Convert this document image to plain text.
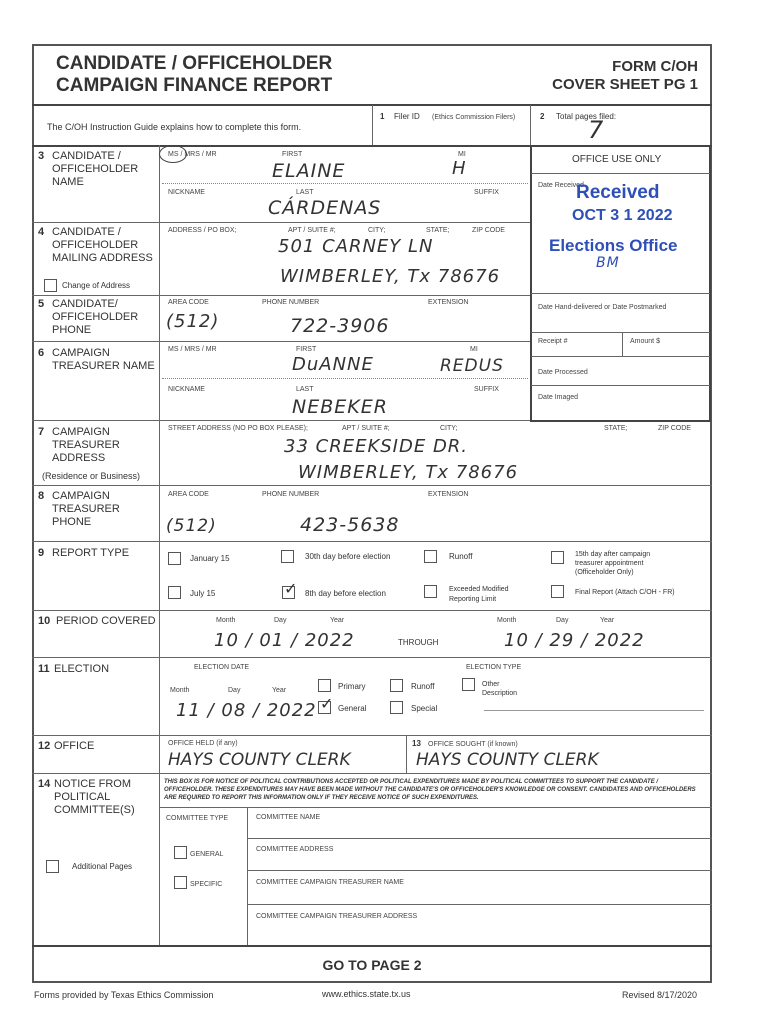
CANDIDATE / OFFICEHOLDER
CAMPAIGN FINANCE REPORT
FORM C/OH
COVER SHEET PG 1
The C/OH Instruction Guide explains how to complete this form.
1 Filer ID (Ethics Commission Filers)	2 Total pages filed:
7
OFFICE USE ONLY
Date Received
Received
OCT 3 1 2022
Elections Office
BM
Date Hand-delivered or Date Postmarked
Receipt #	Amount $
Date Processed
Date Imaged
3 CANDIDATE / OFFICEHOLDER NAME
MS / MRS / MR	FIRST	MI
ELAINE	H
NICKNAME	LAST	SUFFIX
CÁRDENAS
4 CANDIDATE / OFFICEHOLDER MAILING ADDRESS
Change of Address
ADDRESS / PO BOX;	APT / SUITE #;	CITY;	STATE;	ZIP CODE
501 CARNEY LN
WIMBERLEY, Tx 78676
5 CANDIDATE/ OFFICEHOLDER PHONE
AREA CODE	PHONE NUMBER	EXTENSION
(512)	722-3906
6 CAMPAIGN TREASURER NAME
MS / MRS / MR	FIRST	MI
DuANNE	REDUS
NICKNAME	LAST	SUFFIX
NEBEKER
7 CAMPAIGN TREASURER ADDRESS
(Residence or Business)
STREET ADDRESS (NO PO BOX PLEASE);	APT / SUITE #;	CITY;	STATE;	ZIP CODE
33 CREEKSIDE DR.
WIMBERLEY, Tx 78676
8 CAMPAIGN TREASURER PHONE
AREA CODE	PHONE NUMBER	EXTENSION
(512)	423-5638
9 REPORT TYPE	January 15	30th day before election	Runoff	15th day after campaign
treasurer appointment
(Officeholder Only)
July 15	✓ 8th day before election	Exceeded Modified
Reporting Limit
Final Report (Attach C/OH - FR)
10 PERIOD COVERED	Month	Day	Year	Month	Day	Year
10 / 01 / 2022	THROUGH	10 / 29 / 2022
11 ELECTION	ELECTION DATE	ELECTION TYPE
Month	Day	Year
11 / 08 / 2022
Primary	Runoff	Other
Description
✓ General	Special
12 OFFICE	OFFICE HELD (if any)
HAYS COUNTY CLERK
13 OFFICE SOUGHT (if known)
HAYS COUNTY CLERK
14 NOTICE FROM POLITICAL COMMITTEE(S)
THIS BOX IS FOR NOTICE OF POLITICAL CONTRIBUTIONS ACCEPTED OR POLITICAL EXPENDITURES MADE BY POLITICAL COMMITTEES TO SUPPORT THE CANDIDATE / OFFICEHOLDER. THESE EXPENDITURES MAY HAVE BEEN MADE WITHOUT THE CANDIDATE'S OR OFFICEHOLDER'S KNOWLEDGE OR CONSENT. CANDIDATES AND OFFICEHOLDERS ARE REQUIRED TO REPORT THIS INFORMATION ONLY IF THEY RECEIVE NOTICE OF SUCH EXPENDITURES.
COMMITTEE TYPE	COMMITTEE NAME
COMMITTEE ADDRESS
GENERAL
COMMITTEE CAMPAIGN TREASURER NAME
SPECIFIC
COMMITTEE CAMPAIGN TREASURER ADDRESS
Additional Pages
GO TO PAGE 2
Forms provided by Texas Ethics Commission	www.ethics.state.tx.us	Revised 8/17/2020
